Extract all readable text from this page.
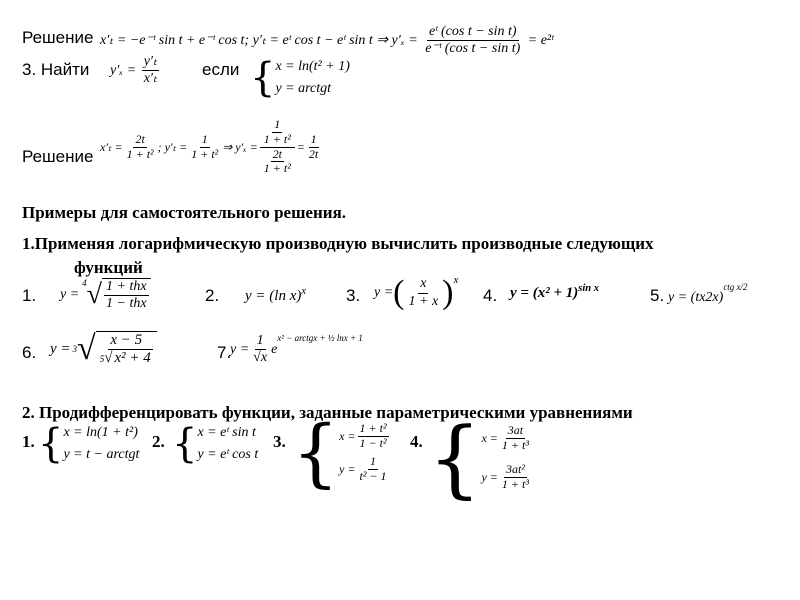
Решение x′ₜ = −e⁻ᵗ sin t + e⁻ᵗ cos t; y′ₜ = eᵗ cos t − eᵗ sin t ⇒ $y'_x = \frac{\text{eᵗ (cos t − sin t)}}{\text{e⁻ᵗ (cos t − sin t)}}$ = e²ᵗ
3. Найти $y'_x = \frac{\text{y′ₜ}}{\text{x′ₜ}}$	если { x = ln(t² + 1)
y = arctgt
Решение
$x'_t = \frac{2t}{\text{1 + t²}}$ ; $y'_t = \frac{1}{\text{1 + t²}}$ ⇒ $y'_x = \frac{\frac{1}{\text{1 + t²}}}{\frac{2t}{\text{1 + t²}}} = \frac{1}{2t}$
Примеры для самостоятельного решения.
1.Применяя логарифмическую производную вычислить производные следующих
функций
1. y =
4 √ $\frac{\text{1 + thx}}{\text{1 − thx}}$	2. y = (ln x)$^x$ 3. y = ( $\frac{x}{1 + x}$ ) x
4. $y = (x^2 + 1)^{sin x}$	5. y = (tx2x)ctg x/2
6. y = 3 √ $\frac{x - 5}{\text{5√ x² + 4}}$	7.
$y = \frac{1}{√x}$ e
x² − arctgx + ½ lnx + 1
2. Продифференцировать функции, заданные параметрическими уравнениями
1. { x = ln(1 + t²)
y = t − arctgt
2. { x = eᵗ sin t
y = eᵗ cos t
3. { $x = \frac{\text{1 + t²}}{\text{1 − t²}}$
$y = \frac{1}{\text{t² − 1}}$
4. { $x = \frac{3at}{\text{1 + t³}}$
$y = \frac{\text{3at²}}{\text{1 + t³}}$
